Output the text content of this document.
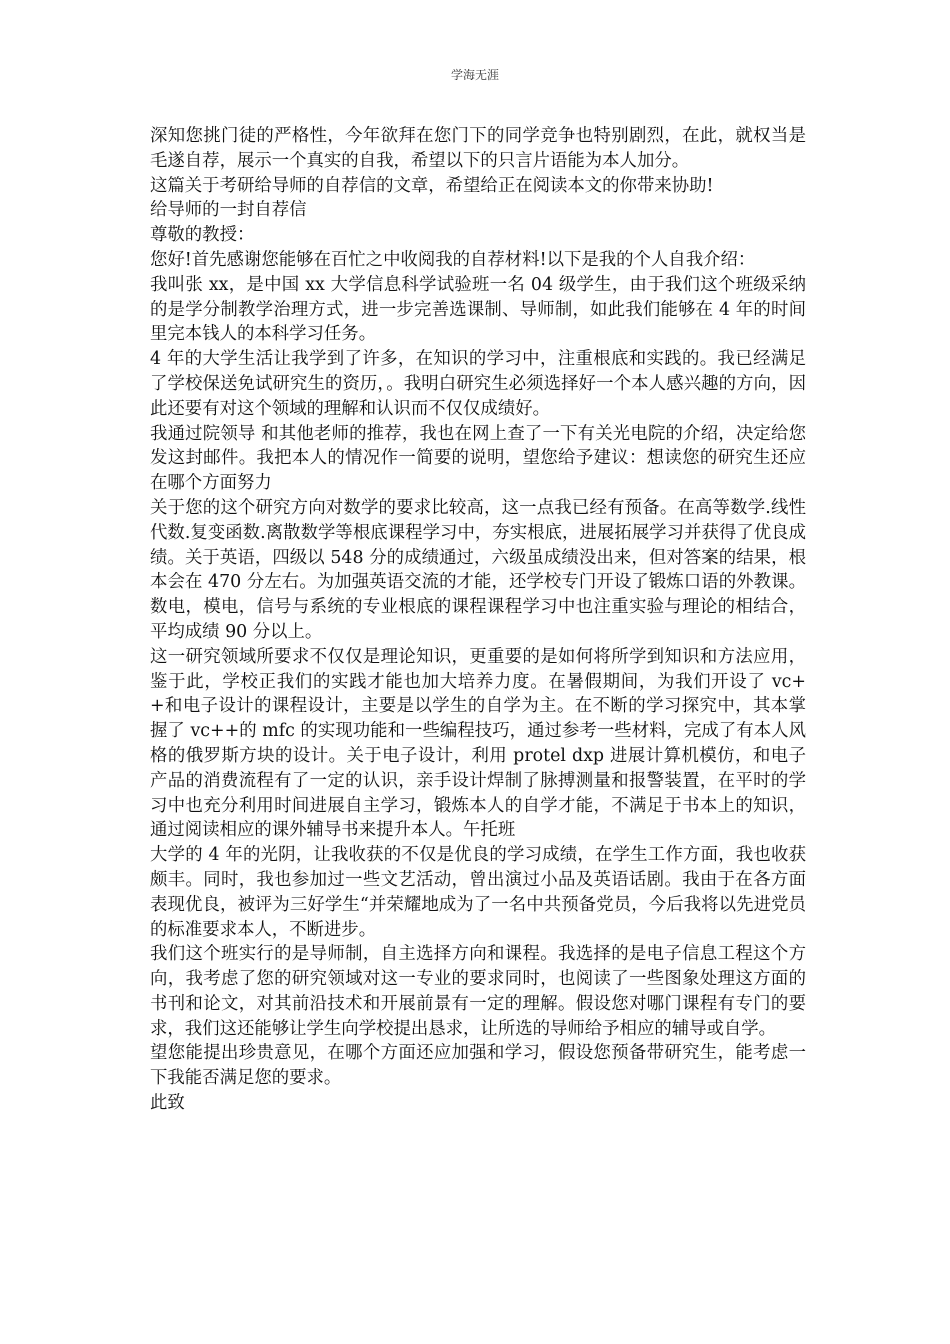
学海无涯

深知您挑门徒的严格性，今年欲拜在您门下的同学竞争也特别剧烈，在此，就权当是毛遂自荐，展示一个真实的自我，希望以下的只言片语能为本人加分。

这篇关于考研给导师的自荐信的文章，希望给正在阅读本文的你带来协助!

给导师的一封自荐信

尊敬的教授：

您好!首先感谢您能够在百忙之中收阅我的自荐材料!以下是我的个人自我介绍：

我叫张 xx，是中国 xx 大学信息科学试验班一名 04 级学生，由于我们这个班级采纳的是学分制教学治理方式，进一步完善选课制、导师制，如此我们能够在 4 年的时间里完本钱人的本科学习任务。

4 年的大学生活让我学到了许多，在知识的学习中，注重根底和实践的。我已经满足了学校保送免试研究生的资历，。我明白研究生必须选择好一个本人感兴趣的方向，因此还要有对这个领域的理解和认识而不仅仅成绩好。

我通过院领导 和其他老师的推荐，我也在网上查了一下有关光电院的介绍，决定给您发这封邮件。我把本人的情况作一简要的说明，望您给予建议：想读您的研究生还应在哪个方面努力

关于您的这个研究方向对数学的要求比较高，这一点我已经有预备。在高等数学.线性代数.复变函数.离散数学等根底课程学习中，夯实根底，进展拓展学习并获得了优良成绩。关于英语，四级以 548 分的成绩通过，六级虽成绩没出来，但对答案的结果，根本会在 470 分左右。为加强英语交流的才能，还学校专门开设了锻炼口语的外教课。数电，模电，信号与系统的专业根底的课程课程学习中也注重实验与理论的相结合，平均成绩 90 分以上。

这一研究领域所要求不仅仅是理论知识，更重要的是如何将所学到知识和方法应用，鉴于此，学校正我们的实践才能也加大培养力度。在暑假期间，为我们开设了 vc++和电子设计的课程设计，主要是以学生的自学为主。在不断的学习探究中，其本掌握了 vc++的 mfc 的实现功能和一些编程技巧，通过参考一些材料，完成了有本人风格的俄罗斯方块的设计。关于电子设计，利用 protel dxp 进展计算机模仿，和电子产品的消费流程有了一定的认识，亲手设计焊制了脉搏测量和报警装置，在平时的学习中也充分利用时间进展自主学习，锻炼本人的自学才能，不满足于书本上的知识，通过阅读相应的课外辅导书来提升本人。午托班

大学的 4 年的光阴，让我收获的不仅是优良的学习成绩，在学生工作方面，我也收获颇丰。同时，我也参加过一些文艺活动，曾出演过小品及英语话剧。我由于在各方面表现优良，被评为三好学生“并荣耀地成为了一名中共预备党员，今后我将以先进党员的标准要求本人，不断进步。

我们这个班实行的是导师制，自主选择方向和课程。我选择的是电子信息工程这个方向，我考虑了您的研究领域对这一专业的要求同时，也阅读了一些图象处理这方面的书刊和论文，对其前沿技术和开展前景有一定的理解。假设您对哪门课程有专门的要求，我们这还能够让学生向学校提出恳求，让所选的导师给予相应的辅导或自学。

望您能提出珍贵意见，在哪个方面还应加强和学习，假设您预备带研究生，能考虑一下我能否满足您的要求。

此致
